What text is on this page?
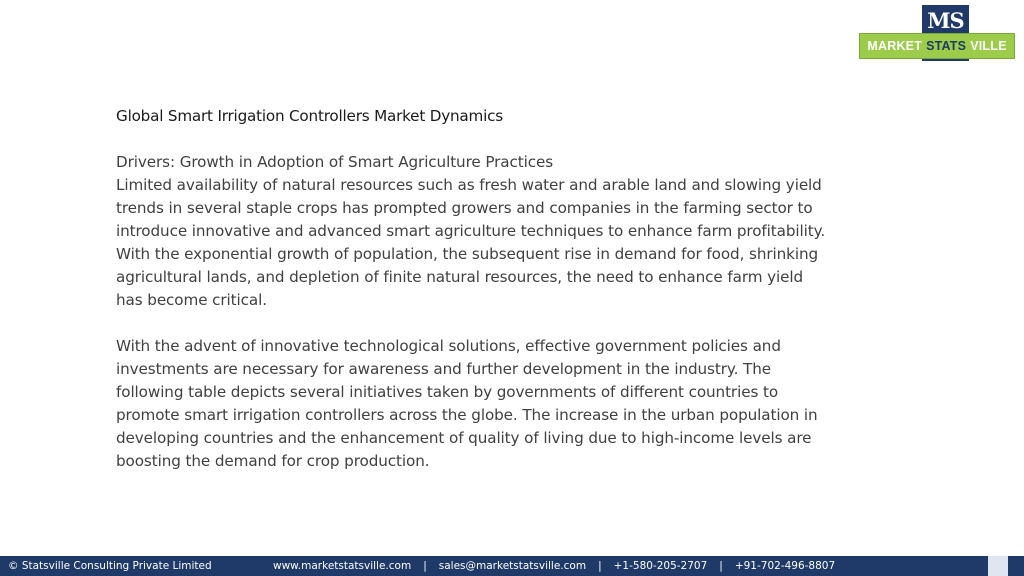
MS
MARKET STATS VILLE
Global Smart Irrigation Controllers Market Dynamics
Drivers: Growth in Adoption of Smart Agriculture Practices
Limited availability of natural resources such as fresh water and arable land and slowing yield trends in several staple crops has prompted growers and companies in the farming sector to introduce innovative and advanced smart agriculture techniques to enhance farm profitability. With the exponential growth of population, the subsequent rise in demand for food, shrinking agricultural lands, and depletion of finite natural resources, the need to enhance farm yield has become critical.
With the advent of innovative technological solutions, effective government policies and investments are necessary for awareness and further development in the industry. The following table depicts several initiatives taken by governments of different countries to promote smart irrigation controllers across the globe. The increase in the urban population in developing countries and the enhancement of quality of living due to high-income levels are boosting the demand for crop production.
© Statsville Consulting Private Limited	www.marketstatsville.com | sales@marketstatsville.com | +1-580-205-2707 | +91-702-496-8807
